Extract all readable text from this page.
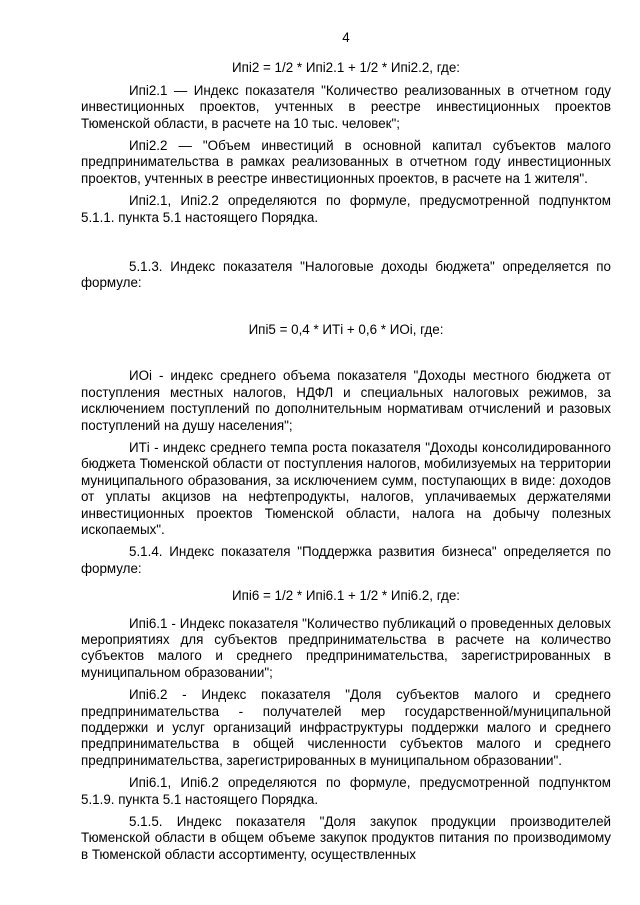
4

Ипi2 = 1/2 * Ипi2.1 + 1/2 * Ипi2.2, где:

Ипi2.1 — Индекс показателя "Количество реализованных в отчетном году инвестиционных проектов, учтенных в реестре инвестиционных проектов Тюменской области, в расчете на 10 тыс. человек";

Ипi2.2 — "Объем инвестиций в основной капитал субъектов малого предпринимательства в рамках реализованных в отчетном году инвестиционных проектов, учтенных в реестре инвестиционных проектов, в расчете на 1 жителя".

Ипi2.1, Ипi2.2 определяются по формуле, предусмотренной подпунктом 5.1.1. пункта 5.1 настоящего Порядка.

5.1.3. Индекс показателя "Налоговые доходы бюджета" определяется по формуле:

Ипi5 = 0,4 * ИТi + 0,6 * ИОi, где:

ИОi - индекс среднего объема показателя "Доходы местного бюджета от поступления местных налогов, НДФЛ и специальных налоговых режимов, за исключением поступлений по дополнительным нормативам отчислений и разовых поступлений на душу населения";

ИТi - индекс среднего темпа роста показателя "Доходы консолидированного бюджета Тюменской области от поступления налогов, мобилизуемых на территории муниципального образования, за исключением сумм, поступающих в виде: доходов от уплаты акцизов на нефтепродукты, налогов, уплачиваемых держателями инвестиционных проектов Тюменской области, налога на добычу полезных ископаемых".

5.1.4. Индекс показателя "Поддержка развития бизнеса" определяется по формуле:

Ипi6 = 1/2 * Ипi6.1 + 1/2 * Ипi6.2, где:

Ипi6.1 - Индекс показателя "Количество публикаций о проведенных деловых мероприятиях для субъектов предпринимательства в расчете на количество субъектов малого и среднего предпринимательства, зарегистрированных в муниципальном образовании";

Ипi6.2 - Индекс показателя "Доля субъектов малого и среднего предпринимательства - получателей мер государственной/муниципальной поддержки и услуг организаций инфраструктуры поддержки малого и среднего предпринимательства в общей численности субъектов малого и среднего предпринимательства, зарегистрированных в муниципальном образовании".

Ипi6.1, Ипi6.2 определяются по формуле, предусмотренной подпунктом 5.1.9. пункта 5.1 настоящего Порядка.

5.1.5. Индекс показателя "Доля закупок продукции производителей Тюменской области в общем объеме закупок продуктов питания по производимому в Тюменской области ассортименту, осуществленных
